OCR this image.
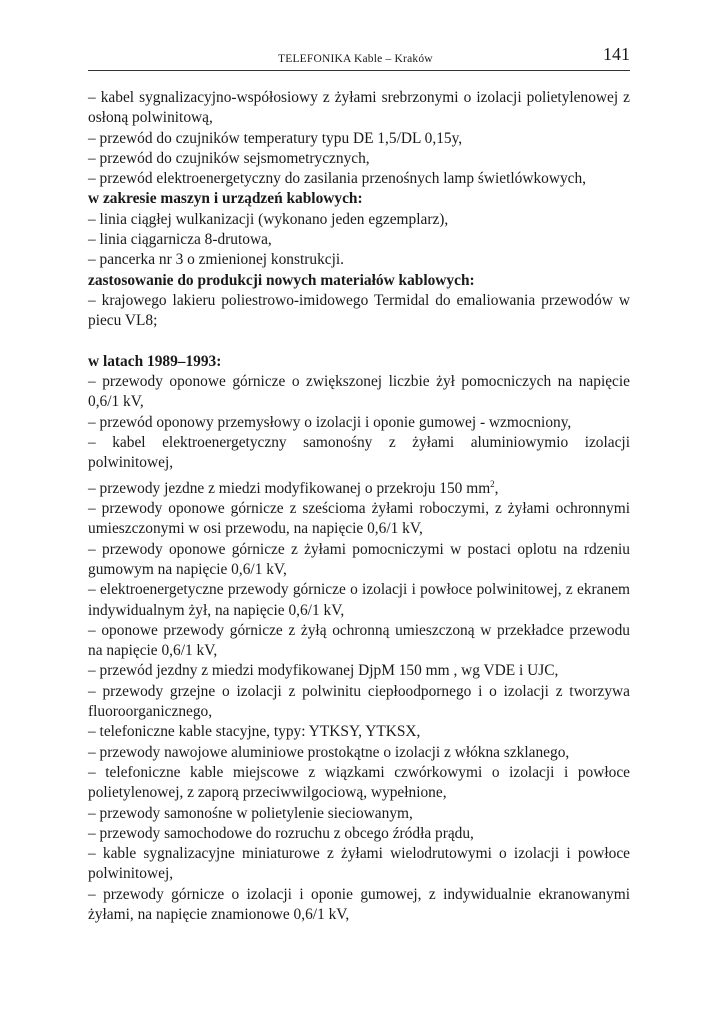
TELEFONIKA Kable – Kraków	141

– kabel sygnalizacyjno-współosiowy z żyłami srebrzonymi o izolacji polietylenowej z osłoną polwinitową,

– przewód do czujników temperatury typu DE 1,5/DL 0,15y,

– przewód do czujników sejsmometrycznych,

– przewód elektroenergetyczny do zasilania przenośnych lamp świetlówkowych,

w zakresie maszyn i urządzeń kablowych:

– linia ciągłej wulkanizacji (wykonano jeden egzemplarz),

– linia ciągarnicza 8-drutowa,

– pancerka nr 3 o zmienionej konstrukcji.

zastosowanie do produkcji nowych materiałów kablowych:

– krajowego lakieru poliestrowo-imidowego Termidal do emaliowania przewodów w piecu VL8;

w latach 1989–1993:

– przewody oponowe górnicze o zwiększonej liczbie żył pomocniczych na napięcie 0,6/1 kV,

– przewód oponowy przemysłowy o izolacji i oponie gumowej - wzmocniony,

– kabel elektroenergetyczny samonośny z żyłami aluminiowymio izolacji polwinitowej,

– przewody jezdne z miedzi modyfikowanej o przekroju 150 $mm^2$,

– przewody oponowe górnicze z sześcioma żyłami roboczymi, z żyłami ochronnymi umieszczonymi w osi przewodu, na napięcie 0,6/1 kV,

– przewody oponowe górnicze z żyłami pomocniczymi w postaci oplotu na rdzeniu gumowym na napięcie 0,6/1 kV,

– elektroenergetyczne przewody górnicze o izolacji i powłoce polwinitowej, z ekranem indywidualnym żył, na napięcie 0,6/1 kV,

– oponowe przewody górnicze z żyłą ochronną umieszczoną w przekładce przewodu na napięcie 0,6/1 kV,

– przewód jezdny z miedzi modyfikowanej DjpM 150 mm , wg VDE i UJC,

– przewody grzejne o izolacji z polwinitu ciepłoodpornego i o izolacji z tworzywa fluoroorganicznego,

– telefoniczne kable stacyjne, typy: YTKSY, YTKSX,

– przewody nawojowe aluminiowe prostokątne o izolacji z włókna szklanego,

– telefoniczne kable miejscowe z wiązkami czwórkowymi o izolacji i powłoce polietylenowej, z zaporą przeciwwilgociową, wypełnione,

– przewody samonośne w polietylenie sieciowanym,

– przewody samochodowe do rozruchu z obcego źródła prądu,

– kable sygnalizacyjne miniaturowe z żyłami wielodrutowymi o izolacji i powłoce polwinitowej,

– przewody górnicze o izolacji i oponie gumowej, z indywidualnie ekranowanymi żyłami, na napięcie znamionowe 0,6/1 kV,
